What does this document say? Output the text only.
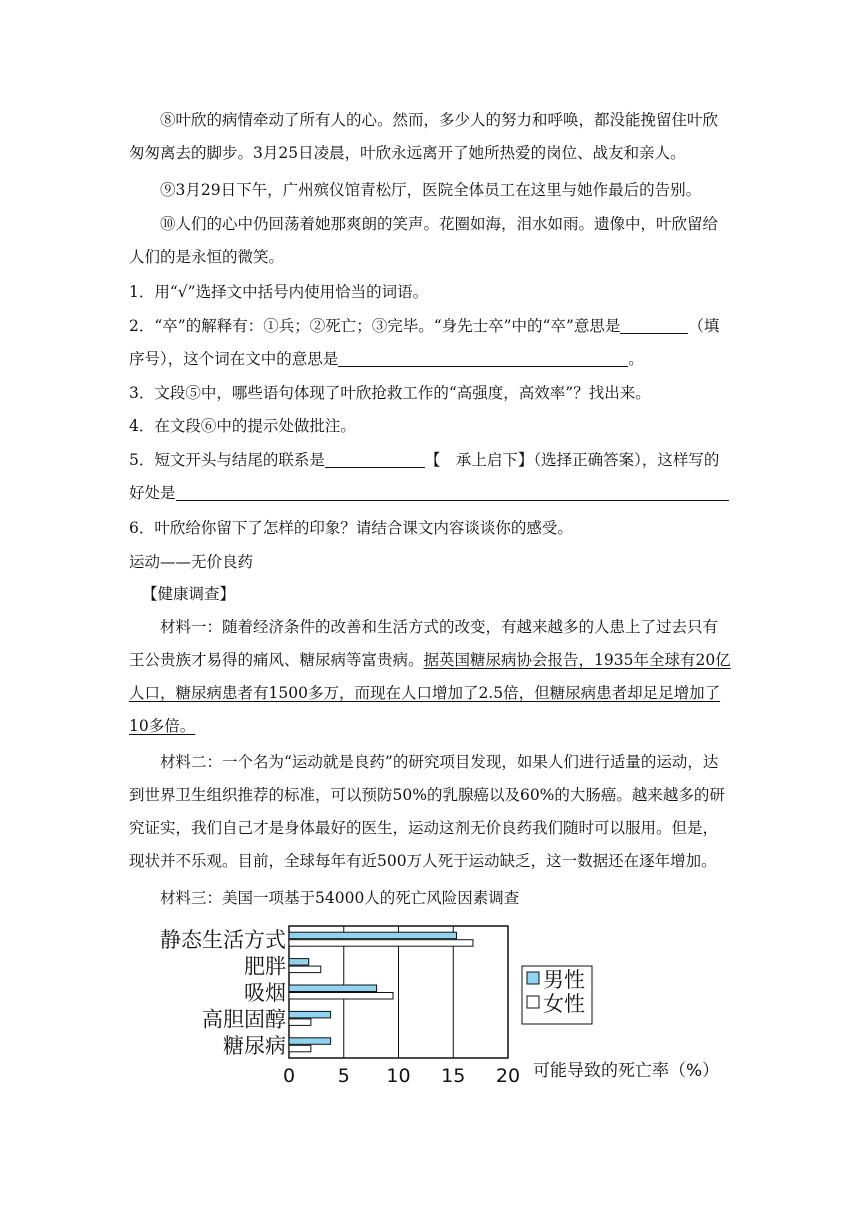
⑧叶欣的病情牵动了所有人的心。然而，多少人的努力和呼唤，都没能挽留住叶欣匆匆离去的脚步。3月25日凌晨，叶欣永远离开了她所热爱的岗位、战友和亲人。

⑨3月29日下午，广州殡仪馆青松厅，医院全体员工在这里与她作最后的告别。

⑩人们的心中仍回荡着她那爽朗的笑声。花圈如海，泪水如雨。遗像中，叶欣留给人们的是永恒的微笑。

1．用“√”选择文中括号内使用恰当的词语。

2．“卒”的解释有：①兵；②死亡；③完毕。“身先士卒”中的“卒”意思是	（填序号），这个词在文中的意思是	。

3．文段⑤中，哪些语句体现了叶欣抢救工作的“高强度，高效率”？找出来。

4．在文段⑥中的提示处做批注。

5．短文开头与结尾的联系是	【　承上启下】（选择正确答案），这样写的好处是

6．叶欣给你留下了怎样的印象？请结合课文内容谈谈你的感受。

运动——无价良药

【健康调查】

材料一：随着经济条件的改善和生活方式的改变，有越来越多的人患上了过去只有王公贵族才易得的痛风、糖尿病等富贵病。据英国糖尿病协会报告，1935年全球有20亿人口，糖尿病患者有1500多万，而现在人口增加了2.5倍，但糖尿病患者却足足增加了10多倍。

材料二：一个名为“运动就是良药”的研究项目发现，如果人们进行适量的运动，达到世界卫生组织推荐的标准，可以预防50%的乳腺癌以及60%的大肠癌。越来越多的研究证实，我们自己才是身体最好的医生，运动这剂无价良药我们随时可以服用。但是，现状并不乐观。目前，全球每年有近500万人死于运动缺乏，这一数据还在逐年增加。

材料三：美国一项基于54000人的死亡风险因素调查

0 5 10 15 20
静态生活方式
肥胖
吸烟
高胆固醇
糖尿病
可能导致的死亡率（%）
男性
女性
